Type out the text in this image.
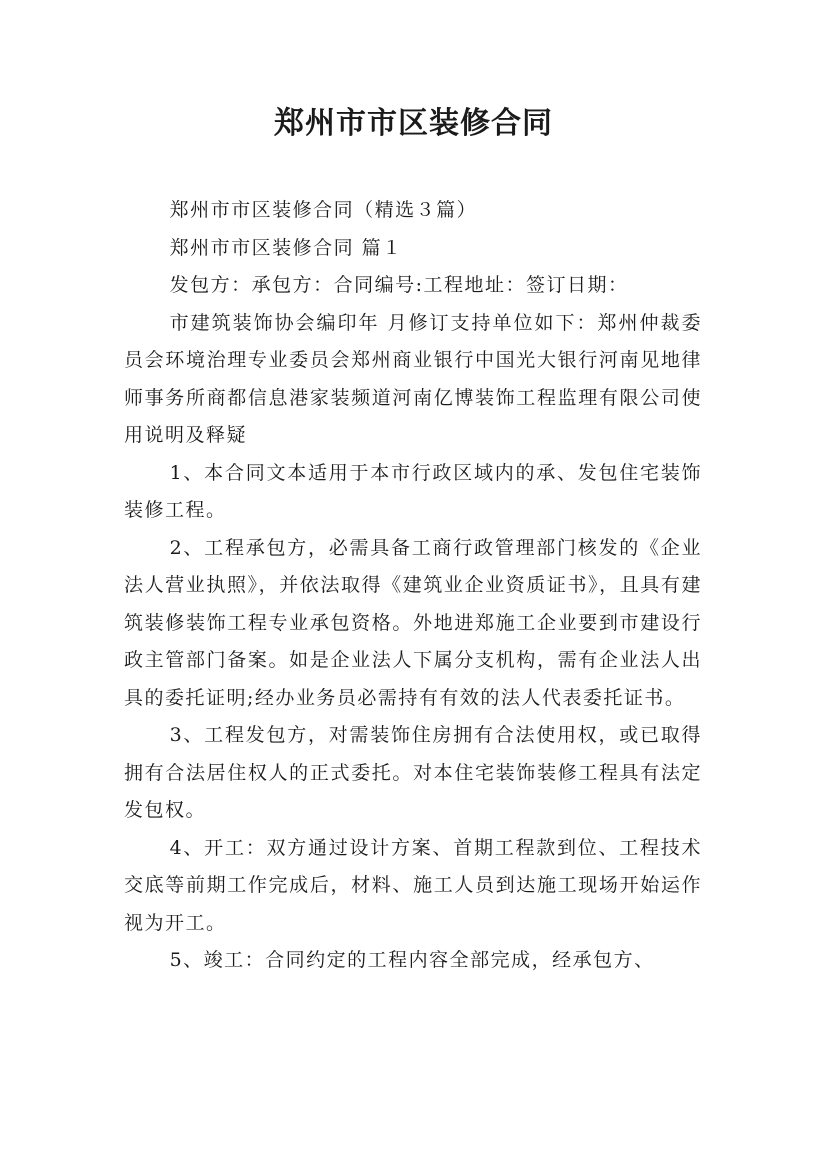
郑州市市区装修合同

郑州市市区装修合同（精选３篇）

郑州市市区装修合同 篇１

发包方：承包方：合同编号:工程地址：签订日期：

市建筑装饰协会编印年 月修订支持单位如下：郑州仲裁委员会环境治理专业委员会郑州商业银行中国光大银行河南见地律师事务所商都信息港家装频道河南亿博装饰工程监理有限公司使用说明及释疑

1、本合同文本适用于本市行政区域内的承、发包住宅装饰装修工程。

2、工程承包方，必需具备工商行政管理部门核发的《企业法人营业执照》，并依法取得《建筑业企业资质证书》，且具有建筑装修装饰工程专业承包资格。外地进郑施工企业要到市建设行政主管部门备案。如是企业法人下属分支机构，需有企业法人出具的委托证明;经办业务员必需持有有效的法人代表委托证书。

3、工程发包方，对需装饰住房拥有合法使用权，或已取得拥有合法居住权人的正式委托。对本住宅装饰装修工程具有法定发包权。

4、开工：双方通过设计方案、首期工程款到位、工程技术交底等前期工作完成后，材料、施工人员到达施工现场开始运作视为开工。

5、竣工：合同约定的工程内容全部完成，经承包方、
